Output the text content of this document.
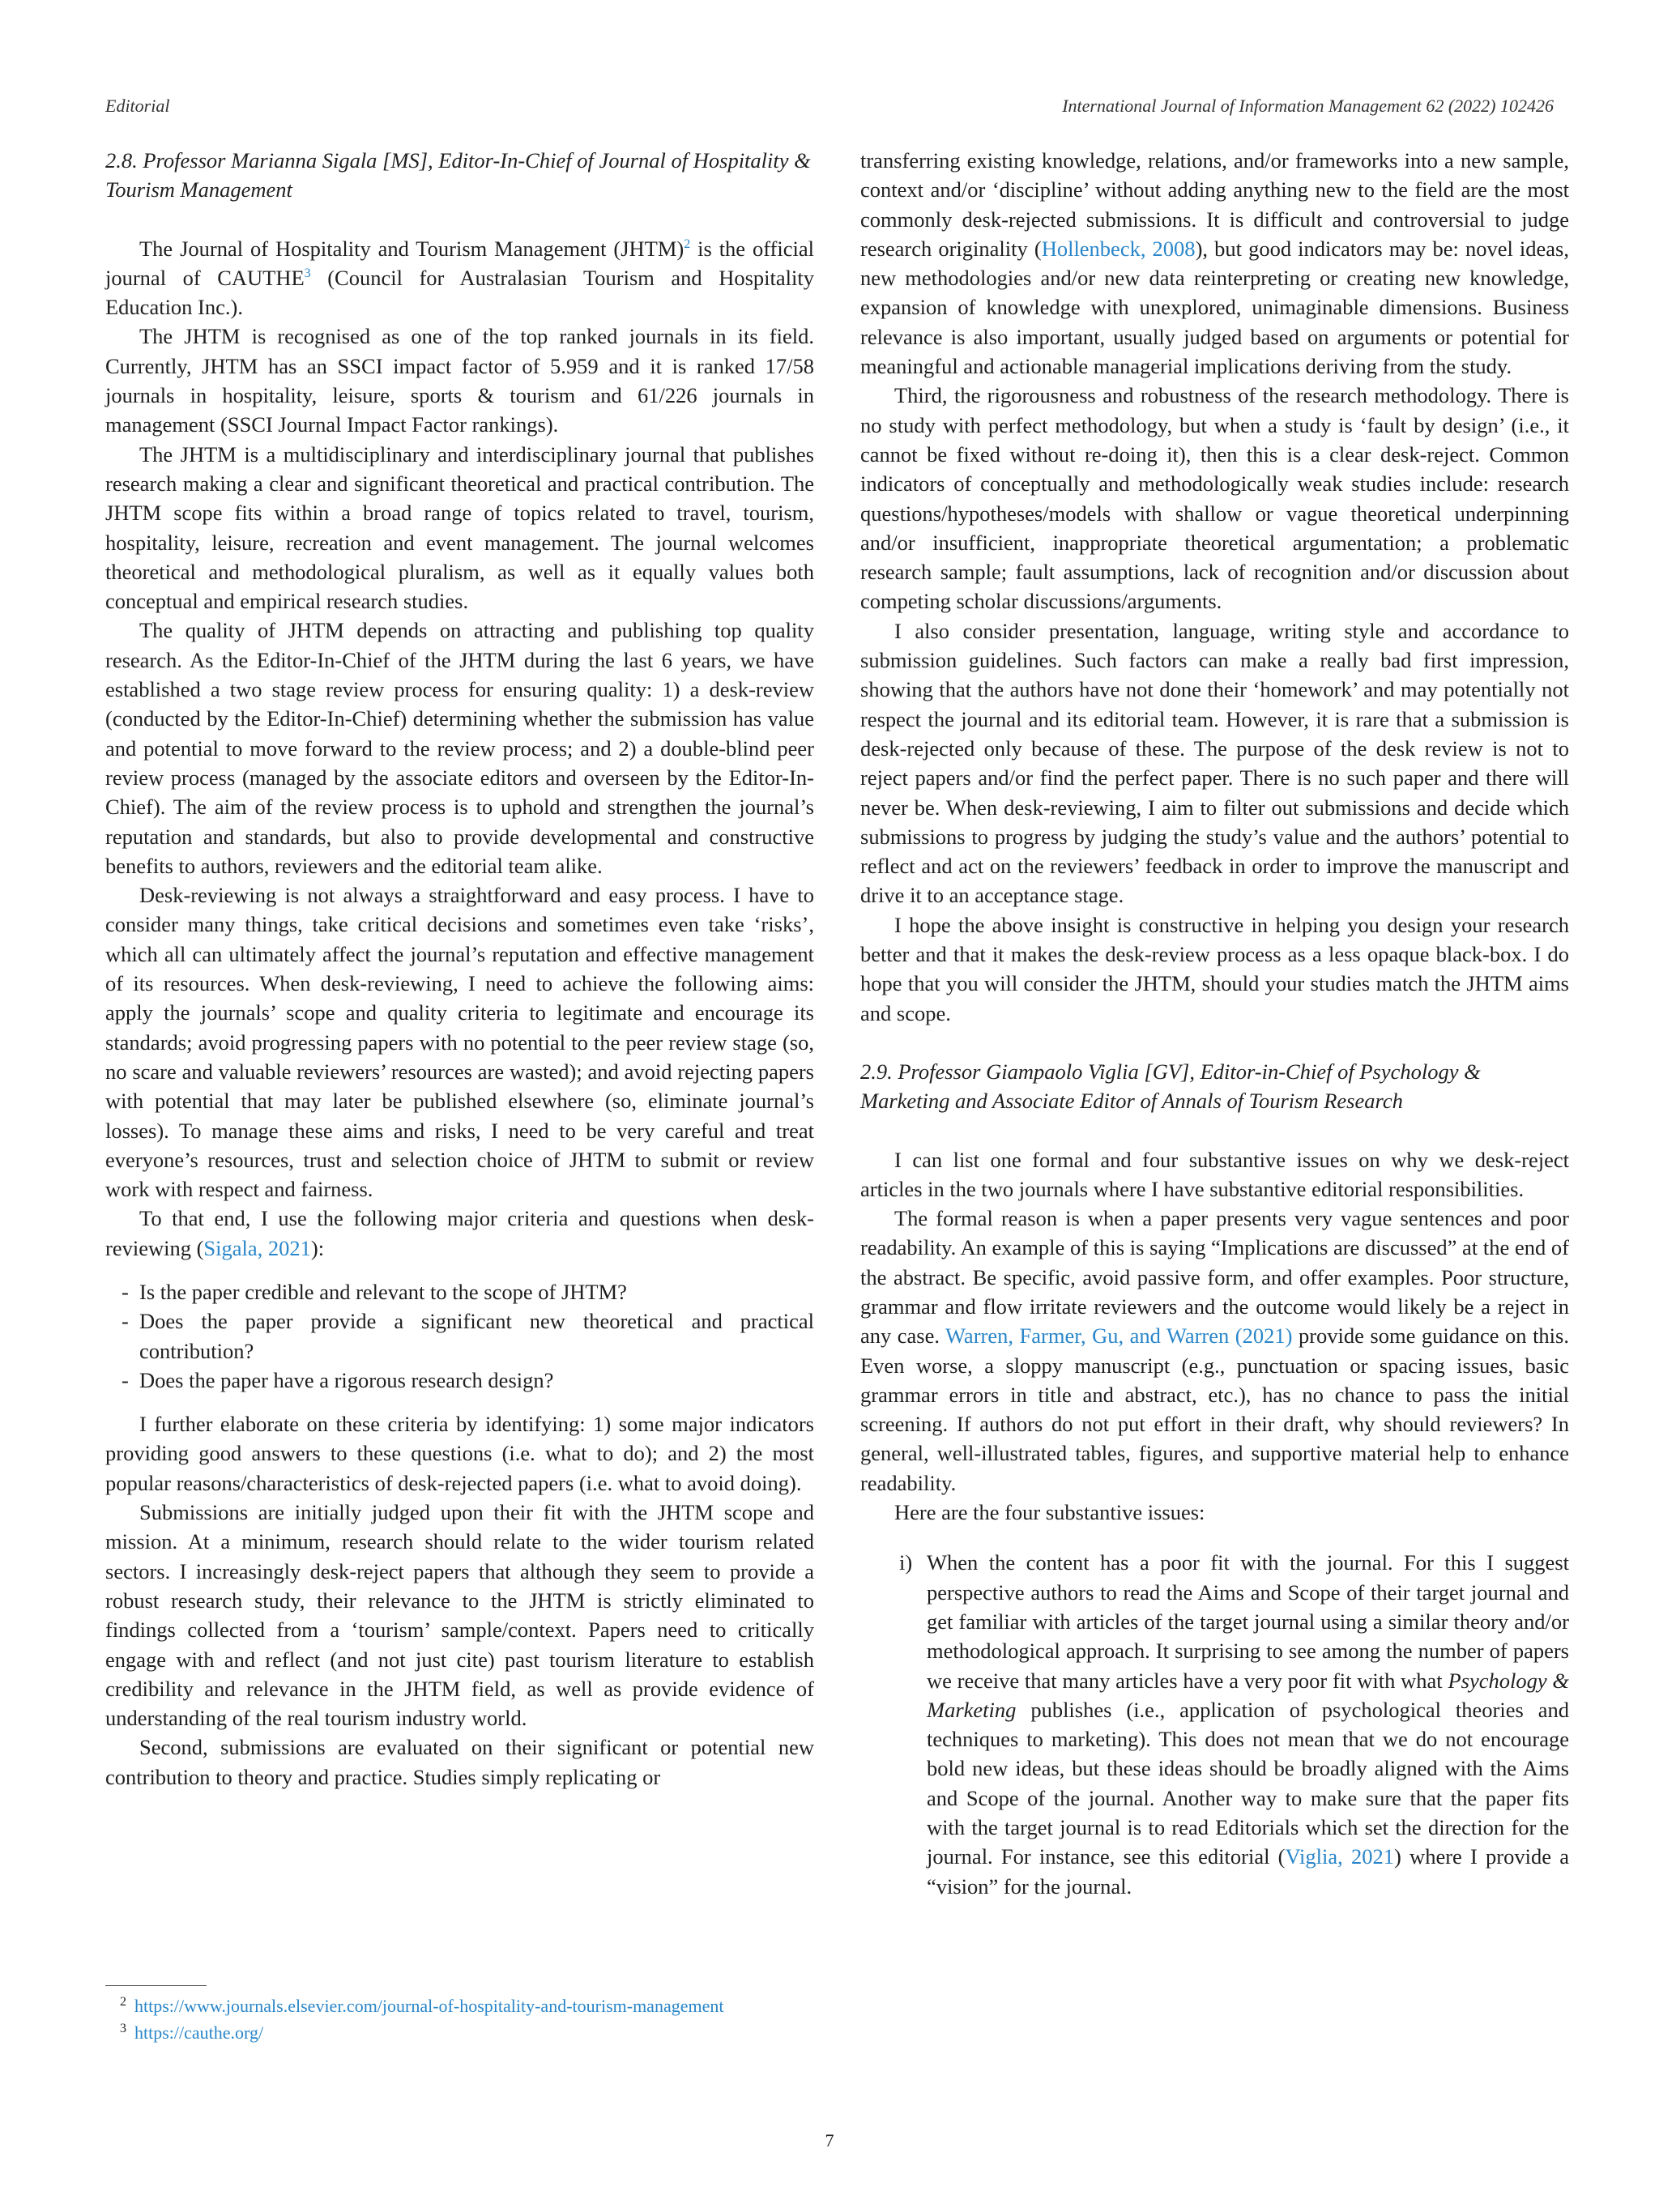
Editorial	International Journal of Information Management 62 (2022) 102426
2.8. Professor Marianna Sigala [MS], Editor-In-Chief of Journal of Hospitality & Tourism Management

The Journal of Hospitality and Tourism Management (JHTM)$^2$ is the official journal of CAUTHE$^3$ (Council for Australasian Tourism and Hospitality Education Inc.).

The JHTM is recognised as one of the top ranked journals in its field. Currently, JHTM has an SSCI impact factor of 5.959 and it is ranked 17/58 journals in hospitality, leisure, sports & tourism and 61/226 journals in management (SSCI Journal Impact Factor rankings).

The JHTM is a multidisciplinary and interdisciplinary journal that publishes research making a clear and significant theoretical and practical contribution. The JHTM scope fits within a broad range of topics related to travel, tourism, hospitality, leisure, recreation and event management. The journal welcomes theoretical and methodological pluralism, as well as it equally values both conceptual and empirical research studies.

The quality of JHTM depends on attracting and publishing top quality research. As the Editor-In-Chief of the JHTM during the last 6 years, we have established a two stage review process for ensuring quality: 1) a desk-review (conducted by the Editor-In-Chief) determining whether the submission has value and potential to move forward to the review process; and 2) a double-blind peer review process (managed by the associate editors and overseen by the Editor-In-Chief). The aim of the review process is to uphold and strengthen the journal’s reputation and standards, but also to provide developmental and constructive benefits to authors, reviewers and the editorial team alike.

Desk-reviewing is not always a straightforward and easy process. I have to consider many things, take critical decisions and sometimes even take ‘risks’, which all can ultimately affect the journal’s reputation and effective management of its resources. When desk-reviewing, I need to achieve the following aims: apply the journals’ scope and quality criteria to legitimate and encourage its standards; avoid progressing papers with no potential to the peer review stage (so, no scare and valuable reviewers’ resources are wasted); and avoid rejecting papers with potential that may later be published elsewhere (so, eliminate journal’s losses). To manage these aims and risks, I need to be very careful and treat everyone’s resources, trust and selection choice of JHTM to submit or review work with respect and fairness.

To that end, I use the following major criteria and questions when desk-reviewing (Sigala, 2021):

- Is the paper credible and relevant to the scope of JHTM?
- Does the paper provide a significant new theoretical and practical contribution?
- Does the paper have a rigorous research design?

I further elaborate on these criteria by identifying: 1) some major indicators providing good answers to these questions (i.e. what to do); and 2) the most popular reasons/characteristics of desk-rejected papers (i.e. what to avoid doing).

Submissions are initially judged upon their fit with the JHTM scope and mission. At a minimum, research should relate to the wider tourism related sectors. I increasingly desk-reject papers that although they seem to provide a robust research study, their relevance to the JHTM is strictly eliminated to findings collected from a ‘tourism’ sample/context. Papers need to critically engage with and reflect (and not just cite) past tourism literature to establish credibility and relevance in the JHTM field, as well as provide evidence of understanding of the real tourism industry world.

Second, submissions are evaluated on their significant or potential new contribution to theory and practice. Studies simply replicating or

$^2$ https://www.journals.elsevier.com/journal-of-hospitality-and-tourism-management

$^3$ https://cauthe.org/

transferring existing knowledge, relations, and/or frameworks into a new sample, context and/or ‘discipline’ without adding anything new to the field are the most commonly desk-rejected submissions. It is difficult and controversial to judge research originality (Hollenbeck, 2008), but good indicators may be: novel ideas, new methodologies and/or new data reinterpreting or creating new knowledge, expansion of knowledge with unexplored, unimaginable dimensions. Business relevance is also important, usually judged based on arguments or potential for meaningful and actionable managerial implications deriving from the study.

Third, the rigorousness and robustness of the research methodology. There is no study with perfect methodology, but when a study is ‘fault by design’ (i.e., it cannot be fixed without re-doing it), then this is a clear desk-reject. Common indicators of conceptually and methodologically weak studies include: research questions/hypotheses/models with shallow or vague theoretical underpinning and/or insufficient, inappropriate theoretical argumentation; a problematic research sample; fault assumptions, lack of recognition and/or discussion about competing scholar discussions/arguments.

I also consider presentation, language, writing style and accordance to submission guidelines. Such factors can make a really bad first impression, showing that the authors have not done their ‘homework’ and may potentially not respect the journal and its editorial team. However, it is rare that a submission is desk-rejected only because of these. The purpose of the desk review is not to reject papers and/or find the perfect paper. There is no such paper and there will never be. When desk-reviewing, I aim to filter out submissions and decide which submissions to progress by judging the study’s value and the authors’ potential to reflect and act on the reviewers’ feedback in order to improve the manuscript and drive it to an acceptance stage.

I hope the above insight is constructive in helping you design your research better and that it makes the desk-review process as a less opaque black-box. I do hope that you will consider the JHTM, should your studies match the JHTM aims and scope.

2.9. Professor Giampaolo Viglia [GV], Editor-in-Chief of Psychology & Marketing and Associate Editor of Annals of Tourism Research

I can list one formal and four substantive issues on why we desk-reject articles in the two journals where I have substantive editorial responsibilities.

The formal reason is when a paper presents very vague sentences and poor readability. An example of this is saying “Implications are discussed” at the end of the abstract. Be specific, avoid passive form, and offer examples. Poor structure, grammar and flow irritate reviewers and the outcome would likely be a reject in any case. Warren, Farmer, Gu, and Warren (2021) provide some guidance on this. Even worse, a sloppy manuscript (e.g., punctuation or spacing issues, basic grammar errors in title and abstract, etc.), has no chance to pass the initial screening. If authors do not put effort in their draft, why should reviewers? In general, well-illustrated tables, figures, and supportive material help to enhance readability.

Here are the four substantive issues:

i) When the content has a poor fit with the journal. For this I suggest perspective authors to read the Aims and Scope of their target journal and get familiar with articles of the target journal using a similar theory and/or methodological approach. It surprising to see among the number of papers we receive that many articles have a very poor fit with what Psychology & Marketing publishes (i.e., application of psychological theories and techniques to marketing). This does not mean that we do not encourage bold new ideas, but these ideas should be broadly aligned with the Aims and Scope of the journal. Another way to make sure that the paper fits with the target journal is to read Editorials which set the direction for the journal. For instance, see this editorial (Viglia, 2021) where I provide a “vision” for the journal.
7
